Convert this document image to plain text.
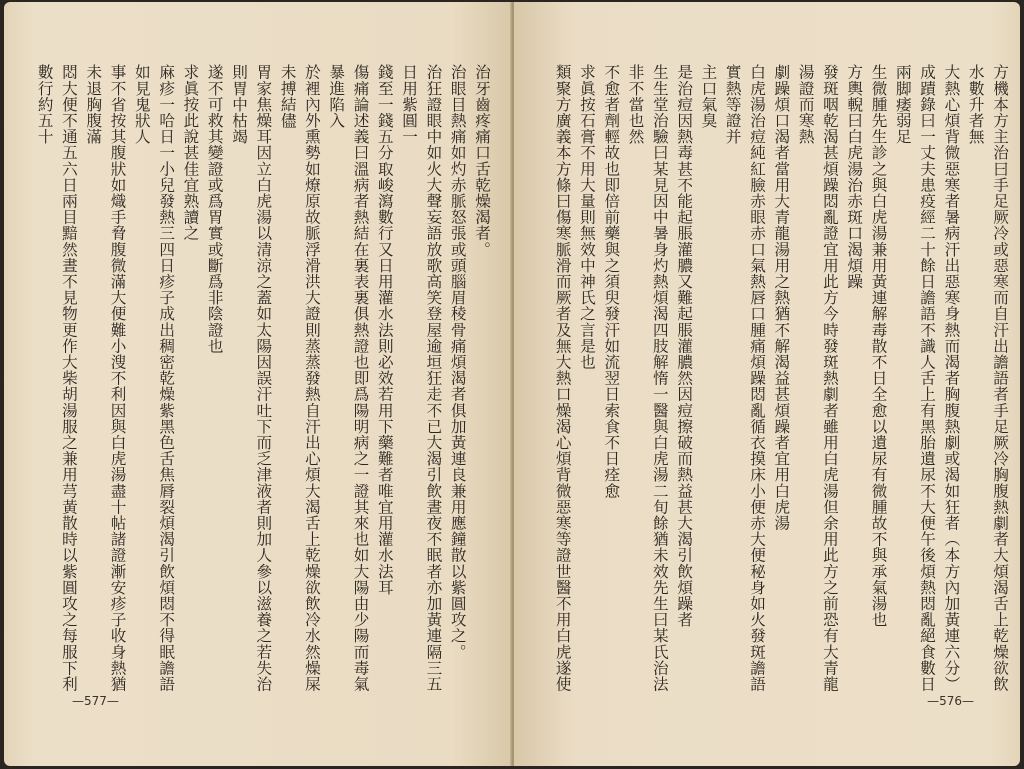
治牙齒疼痛口舌乾燥渴者。
治眼目熱痛如灼赤脈怒張或頭腦眉稜骨痛煩渴者俱加黃連良兼用應鐘散以紫圓攻之。
治狂證眼中如火大聲妄語放歌高笑登屋逾垣狂走不已大渴引飲晝夜不眠者亦加黃連隔三五日用紫圓一
錢至一錢五分取峻瀉數行又日用灌水法則必效若用下藥難者唯宜用灌水法耳
傷痛論述義曰溫病者熱結在裏表裏俱熱證也即爲陽明病之一證其來也如大陽由少陽而毒氣暴進陷入
於裡內外熏勢如燎原故脈浮滑洪大證則蒸蒸發熱自汗出心煩大渴舌上乾燥欲飲冷水然燥屎未搏結儘
胃家焦燥耳因立白虎湯以清涼之蓋如太陽因誤汗吐下而乏津液者則加人參以滋養之若失治則胃中枯竭
遂不可救其變證或爲胃實或斷爲非陰證也
求眞按此說甚佳宜熟讀之
麻疹一哈日一小兒發熱三四日疹子成出稠密乾燥紫黑色舌焦脣裂煩渴引飲煩悶不得眠譫語如見鬼狀人
事不省按其腹狀如熾手脅腹微滿大便難小溲不利因與白虎湯盡十帖諸證漸安疹子收身熱猶未退胸腹滿
悶大便不通五六日兩目黯然晝不見物更作大柴胡湯服之兼用芎黃散時以紫圓攻之每服下利數行約五十
—577—
方機本方主治曰手足厥冷或惡寒而自汗出譫語者手足厥冷胸腹熱劇者大煩渴舌上乾燥欲飲水數升者無
大熱心煩背微惡寒者暑病汗出惡寒身熱而渴者胸腹熱劇或渴如狂者（本方內加黃連六分）
成蹟錄曰一丈夫患疫經二十餘日譫語不識人舌上有黑胎遺尿不大便午後煩熱悶亂絕食數日兩脚痿弱足
生微腫先生診之與白虎湯兼用黃連解毒散不日全愈以遺尿有微腫故不與承氣湯也
方輿輗曰白虎湯治赤斑口渴煩躁
發斑咽乾渴甚煩躁悶亂證宜用此方今時發斑熱劇者雖用白虎湯但余用此方之前恐有大青龍湯證而寒熱
劇躁煩口渴者當用大青龍湯用之熱猶不解渴益甚煩躁者宜用白虎湯
白虎湯治痘純紅臉赤眼赤口氣熱唇口腫痛煩躁悶亂循衣摸床小便赤大便秘身如火發斑譫語實熱等證并
主口氣臭
是治痘因熱毒甚不能起脹灌膿又難起脹灌膿然因痘擦破而熱益甚大渴引飲煩躁者
生生堂治驗曰某見因中暑身灼熱煩渴四肢解惰一醫與白虎湯二旬餘猶未效先生曰某氏治法非不當也然
不愈者劑輕故也即倍前藥與之須臾發汗如流翌日索食不日痊愈
求眞按石膏不用大量則無效中神氏之言是也
類聚方廣義本方條曰傷寒脈滑而厥者及無大熱口燥渴心煩背微惡寒等證世醫不用白虎遂使
—576—
